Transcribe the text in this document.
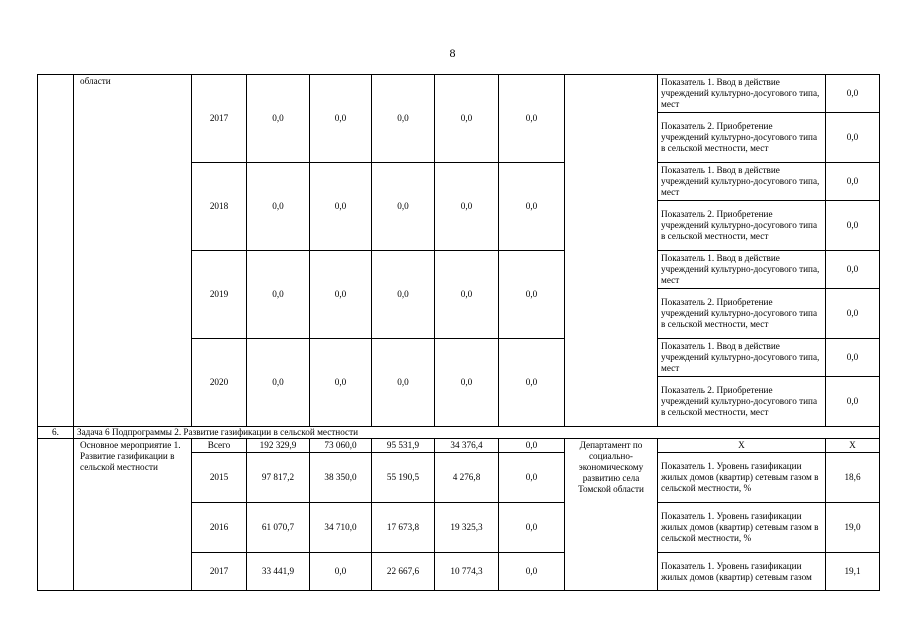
8
	области	2017	0,0	0,0	0,0	0,0	0,0		Показатель 1. Ввод в действие учреждений культурно-досугового типа, мест	0,0
									Показатель 2. Приобретение учреждений культурно-досугового типа в сельской местности, мест	0,0
		2018	0,0	0,0	0,0	0,0	0,0		Показатель 1. Ввод в действие учреждений культурно-досугового типа, мест	0,0
									Показатель 2. Приобретение учреждений культурно-досугового типа в сельской местности, мест	0,0
		2019	0,0	0,0	0,0	0,0	0,0		Показатель 1. Ввод в действие учреждений культурно-досугового типа, мест	0,0
									Показатель 2. Приобретение учреждений культурно-досугового типа в сельской местности, мест	0,0
		2020	0,0	0,0	0,0	0,0	0,0		Показатель 1. Ввод в действие учреждений культурно-досугового типа, мест	0,0
									Показатель 2. Приобретение учреждений культурно-досугового типа в сельской местности, мест	0,0
6.	Задача 6 Подпрограммы 2. Развитие газификации в сельской местности									
	Основное мероприятие 1. Развитие газификации в сельской местности	Всего	192 329,9	73 060,0	95 531,9	34 376,4	0,0	Департамент по социально-экономическому развитию села Томской области	Х	Х
		2015	97 817,2	38 350,0	55 190,5	4 276,8	0,0		Показатель 1. Уровень газификации жилых домов (квартир) сетевым газом в сельской местности, %	18,6
		2016	61 070,7	34 710,0	17 673,8	19 325,3	0,0		Показатель 1. Уровень газификации жилых домов (квартир) сетевым газом в сельской местности, %	19,0
		2017	33 441,9	0,0	22 667,6	10 774,3	0,0		Показатель 1. Уровень газификации жилых домов (квартир) сетевым газом	19,1
